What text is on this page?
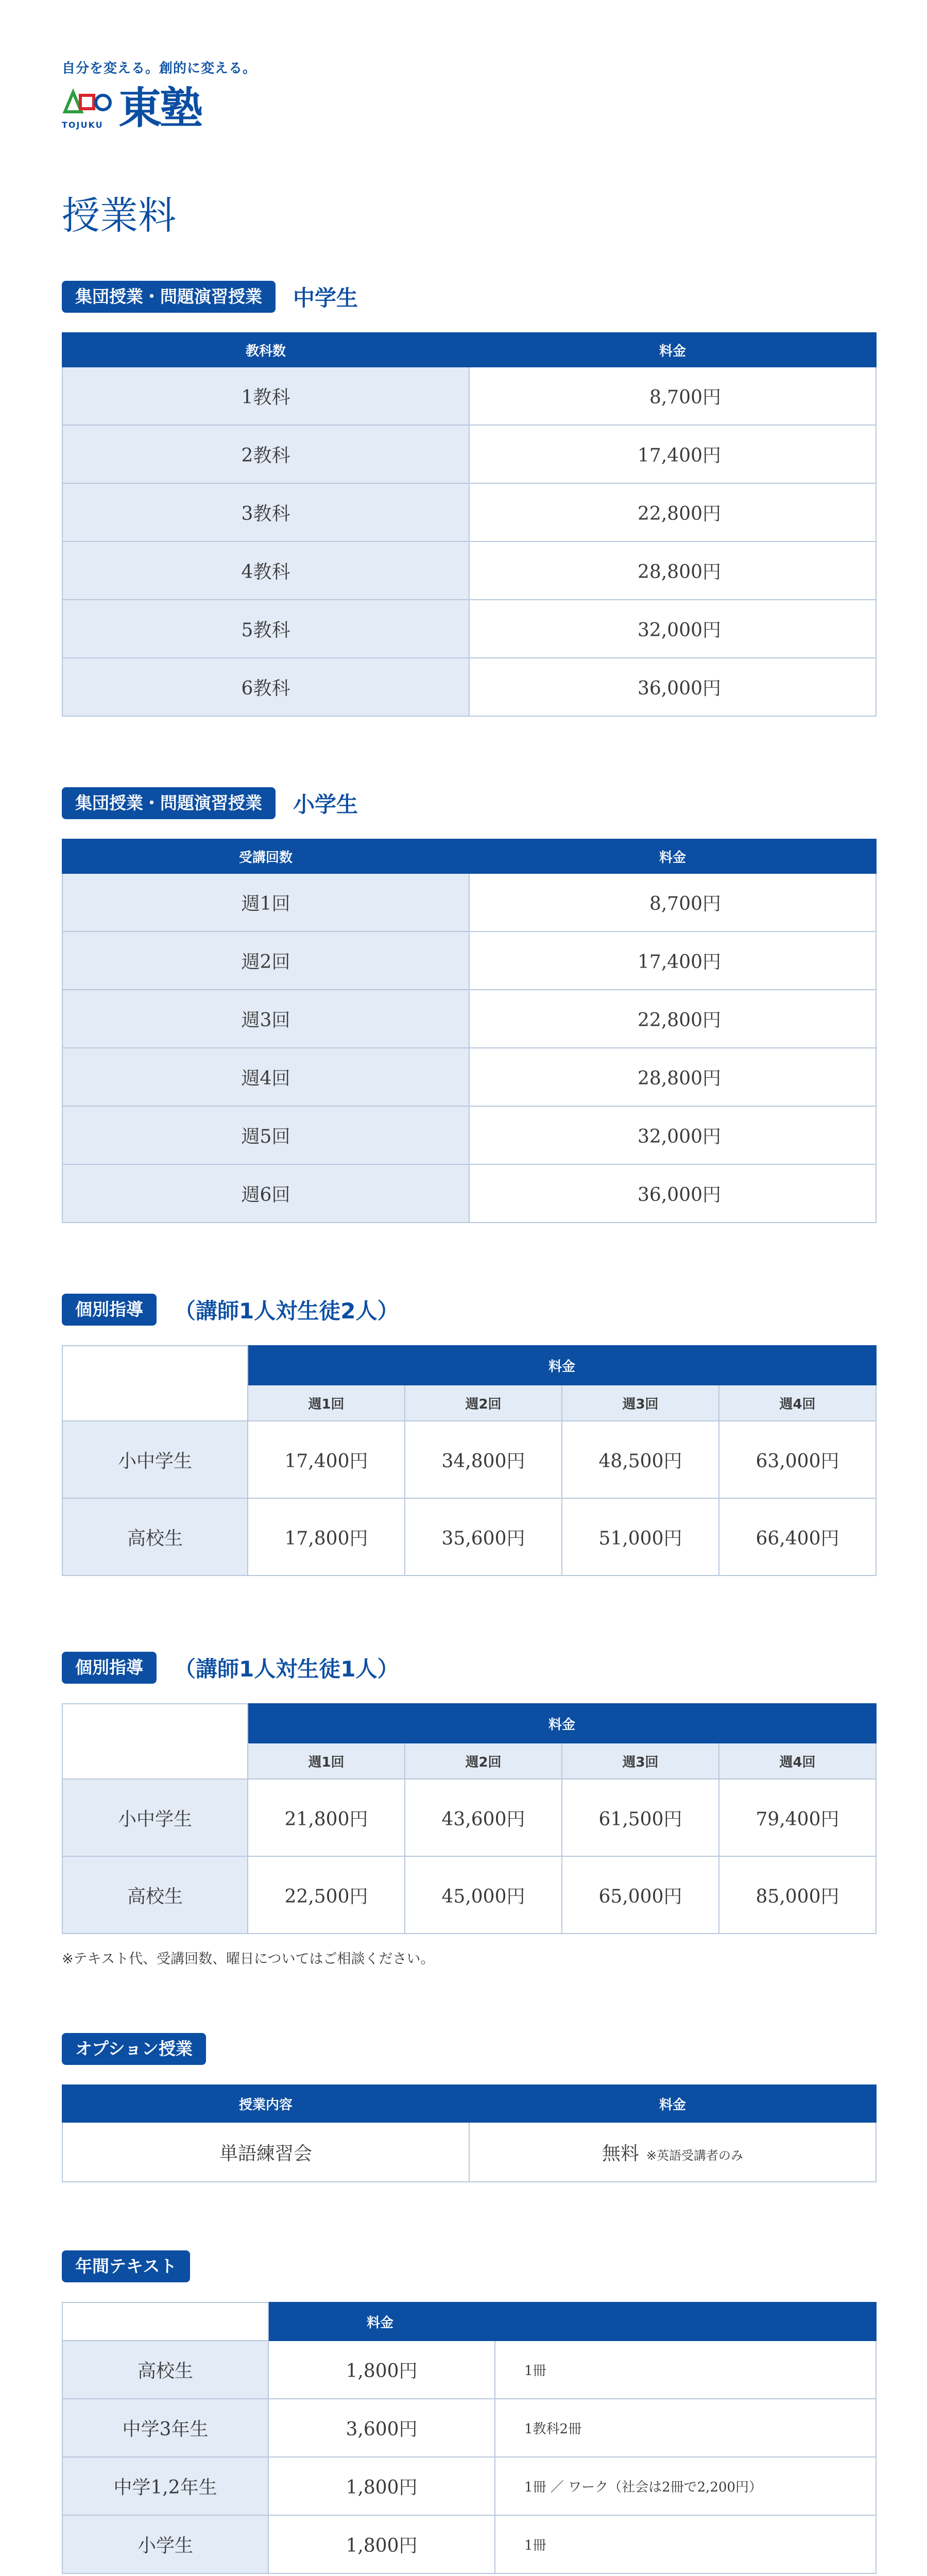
自分を変える。創的に変える。
TOJUKU 東塾
授業料
集団授業・問題演習授業	中学生
教科数	料金
1教科	8,700円
2教科	17,400円
3教科	22,800円
4教科	28,800円
5教科	32,000円
6教科	36,000円
集団授業・問題演習授業	小学生
受講回数	料金
週1回	8,700円
週2回	17,400円
週3回	22,800円
週4回	28,800円
週5回	32,000円
週6回	36,000円
個別指導	（講師1人対生徒2人）
	料金			
	週1回	週2回	週3回	週4回
小中学生	17,400円	34,800円	48,500円	63,000円
高校生	17,800円	35,600円	51,000円	66,400円
個別指導	（講師1人対生徒1人）
	料金			
	週1回	週2回	週3回	週4回
小中学生	21,800円	43,600円	61,500円	79,400円
高校生	22,500円	45,000円	65,000円	85,000円

※テキスト代、受講回数、曜日についてはご相談ください。

オプション授業
授業内容	料金
単語練習会	無料 ※英語受講者のみ
年間テキスト
	料金	
高校生	1,800円	1冊
中学3年生	3,600円	1教科2冊
中学1,2年生	1,800円	1冊 ／ ワーク（社会は2冊で2,200円）
小学生	1,800円	1冊
